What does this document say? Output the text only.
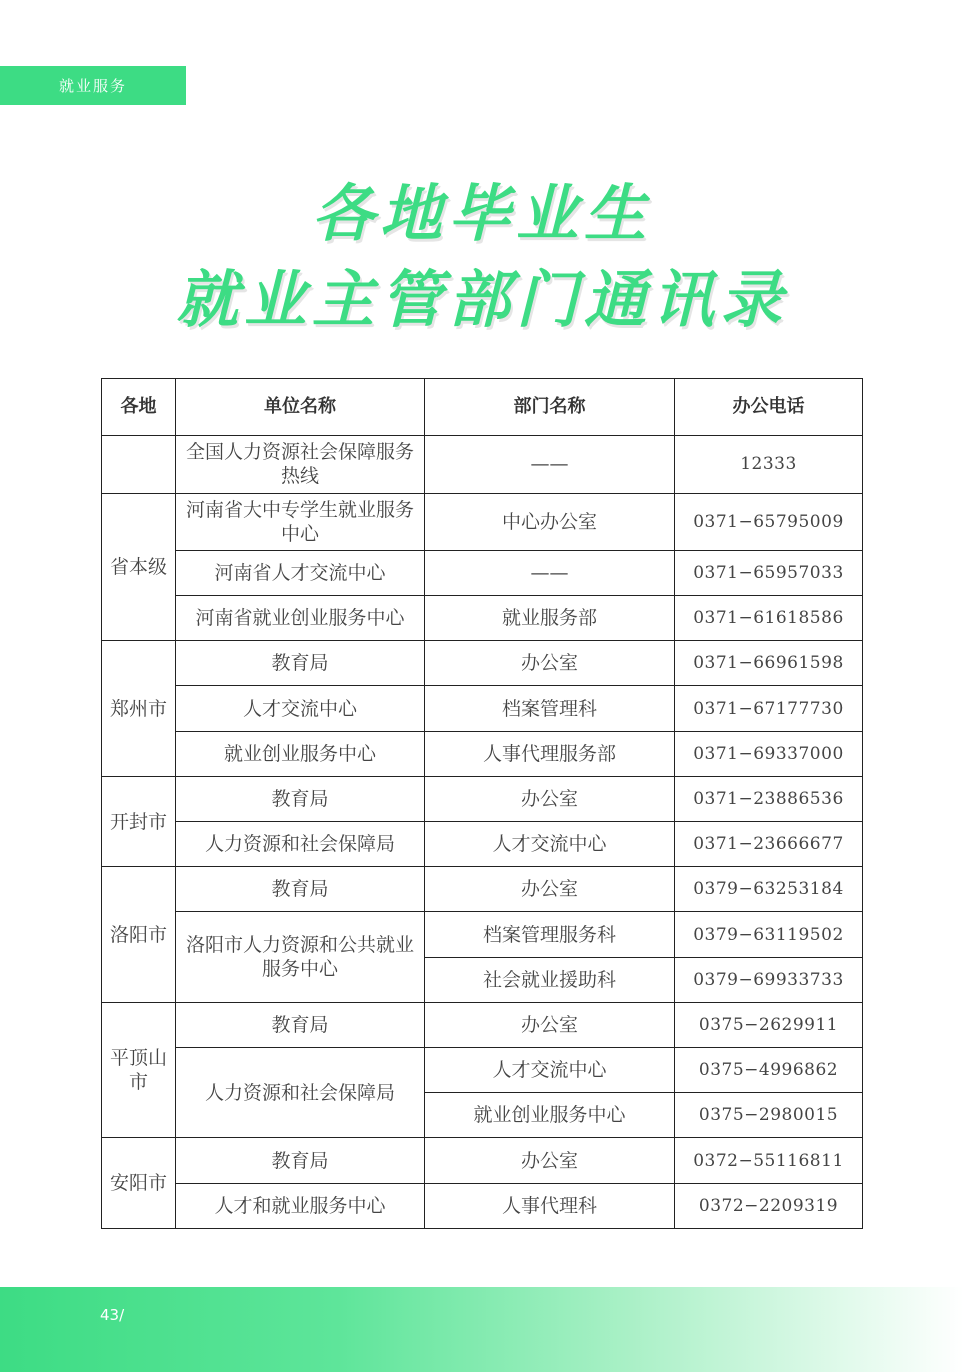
就业服务
各地毕业生
就业主管部门通讯录
各地	单位名称	部门名称	办公电话
	全国人力资源社会保障服务热线	——	12333
省本级	河南省大中专学生就业服务中心	中心办公室	0371−65795009
	河南省人才交流中心	——	0371−65957033
	河南省就业创业服务中心	就业服务部	0371−61618586
郑州市	教育局	办公室	0371−66961598
	人才交流中心	档案管理科	0371−67177730
	就业创业服务中心	人事代理服务部	0371−69337000
开封市	教育局	办公室	0371−23886536
	人力资源和社会保障局	人才交流中心	0371−23666677
洛阳市	教育局	办公室	0379−63253184
	洛阳市人力资源和公共就业服务中心	档案管理服务科	0379−63119502
		社会就业援助科	0379−69933733
平顶山市	教育局	办公室	0375−2629911
	人力资源和社会保障局	人才交流中心	0375−4996862
		就业创业服务中心	0375−2980015
安阳市	教育局	办公室	0372−55116811
	人才和就业服务中心	人事代理科	0372−2209319
43/
